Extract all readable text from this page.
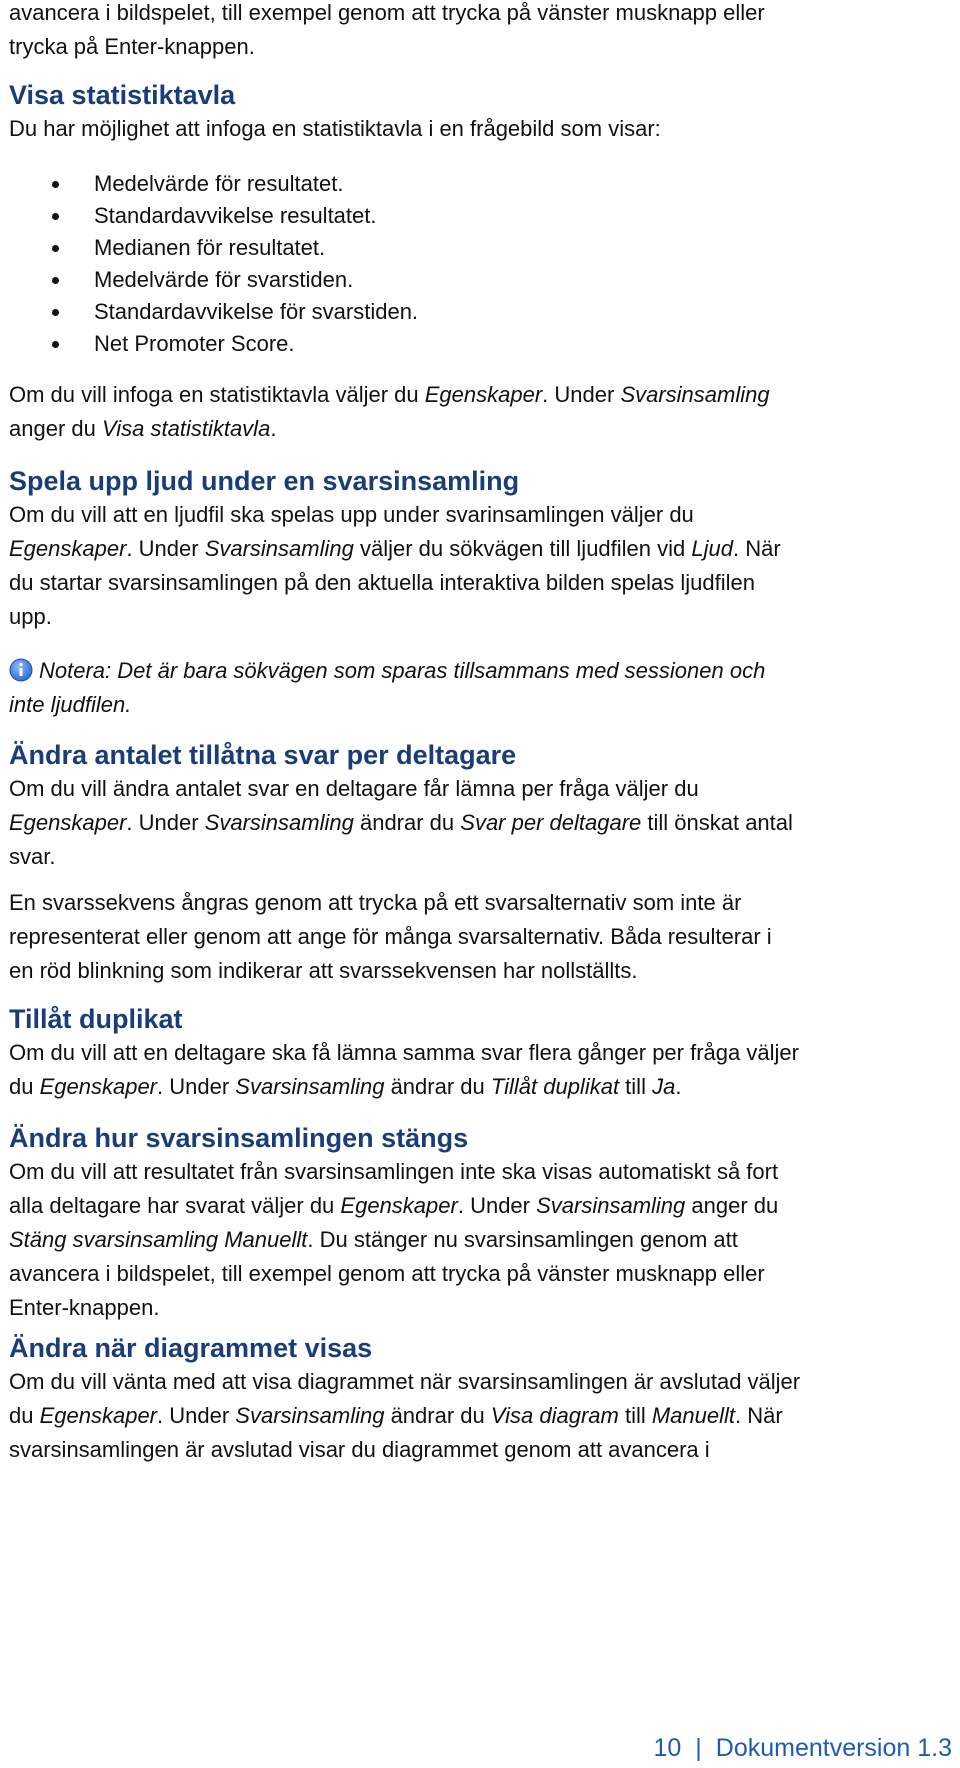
avancera i bildspelet, till exempel genom att trycka på vänster musknapp eller

trycka på Enter-knappen.

Visa statistiktavla

Du har möjlighet att infoga en statistiktavla i en frågebild som visar:

Medelvärde för resultatet.
Standardavvikelse resultatet.
Medianen för resultatet.
Medelvärde för svarstiden.
Standardavvikelse för svarstiden.
Net Promoter Score.

Om du vill infoga en statistiktavla väljer du Egenskaper. Under Svarsinsamling

anger du Visa statistiktavla.

Spela upp ljud under en svarsinsamling

Om du vill att en ljudfil ska spelas upp under svarinsamlingen väljer du

Egenskaper. Under Svarsinsamling väljer du sökvägen till ljudfilen vid Ljud. När

du startar svarsinsamlingen på den aktuella interaktiva bilden spelas ljudfilen

upp.

Notera: Det är bara sökvägen som sparas tillsammans med sessionen och

inte ljudfilen.

Ändra antalet tillåtna svar per deltagare

Om du vill ändra antalet svar en deltagare får lämna per fråga väljer du

Egenskaper. Under Svarsinsamling ändrar du Svar per deltagare till önskat antal

svar.

En svarssekvens ångras genom att trycka på ett svarsalternativ som inte är

representerat eller genom att ange för många svarsalternativ. Båda resulterar i

en röd blinkning som indikerar att svarssekvensen har nollställts.

Tillåt duplikat

Om du vill att en deltagare ska få lämna samma svar flera gånger per fråga väljer

du Egenskaper. Under Svarsinsamling ändrar du Tillåt duplikat till Ja.

Ändra hur svarsinsamlingen stängs

Om du vill att resultatet från svarsinsamlingen inte ska visas automatiskt så fort

alla deltagare har svarat väljer du Egenskaper. Under Svarsinsamling anger du

Stäng svarsinsamling Manuellt. Du stänger nu svarsinsamlingen genom att

avancera i bildspelet, till exempel genom att trycka på vänster musknapp eller

Enter-knappen.

Ändra när diagrammet visas

Om du vill vänta med att visa diagrammet när svarsinsamlingen är avslutad väljer

du Egenskaper. Under Svarsinsamling ändrar du Visa diagram till Manuellt. När

svarsinsamlingen är avslutad visar du diagrammet genom att avancera i

10 | Dokumentversion 1.3
